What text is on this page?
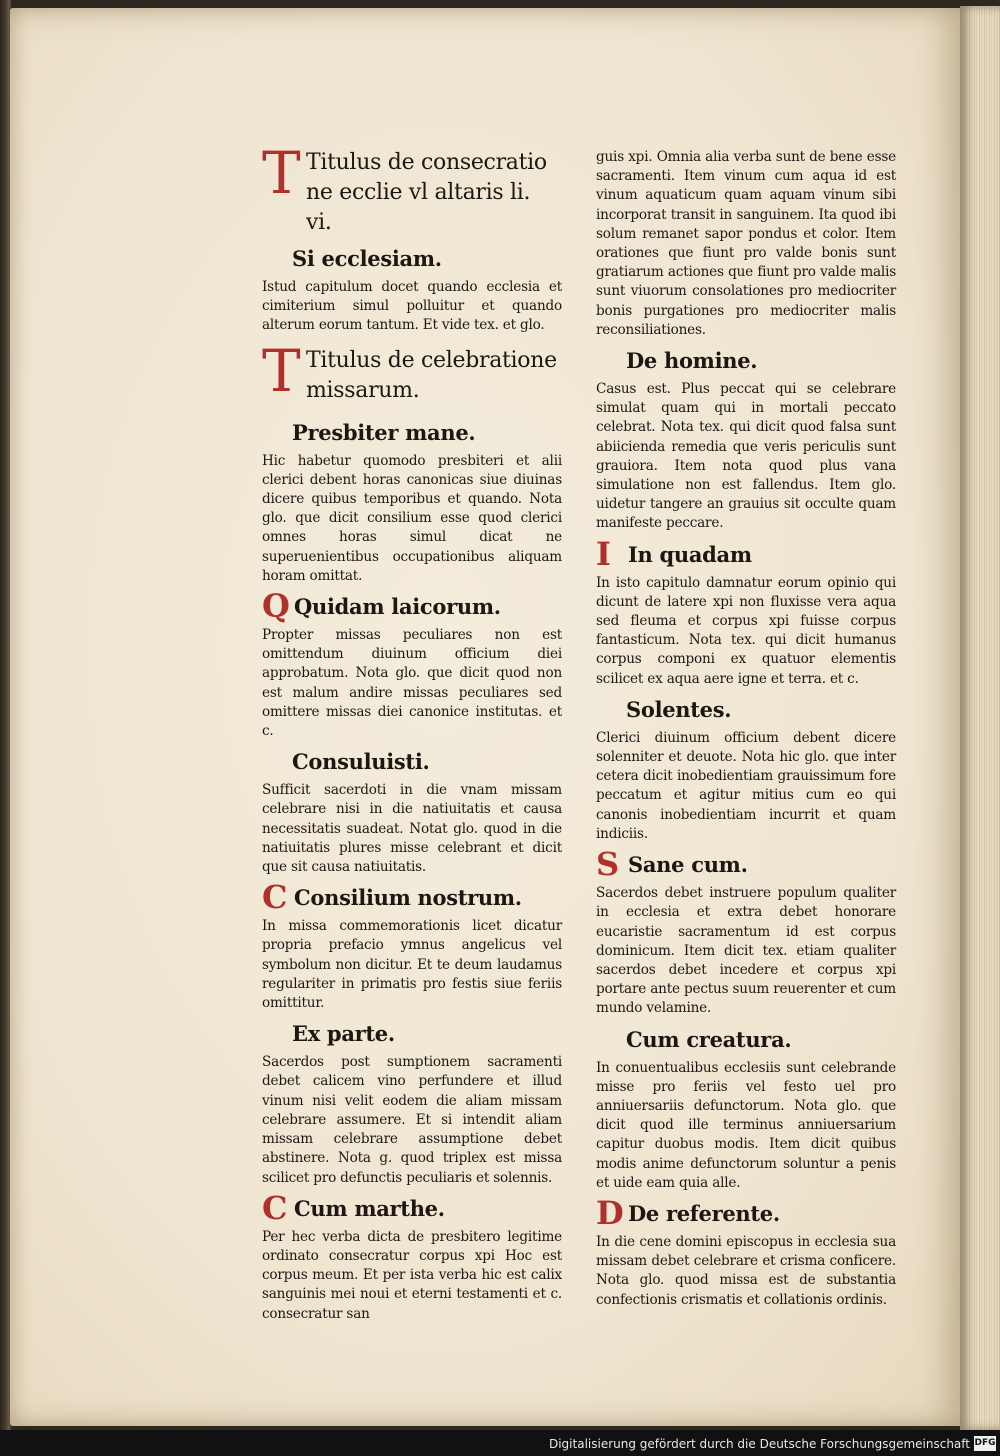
T Titulus de consecratio ne ecclie vl altaris li. vi.
Si ecclesiam.

Istud capitulum docet quando ecclesia et cimiterium simul polluitur et quando alterum eorum tantum. Et vide tex. et glo.

T Titulus de celebratione missarum.
Presbiter mane.

Hic habetur quomodo presbiteri et alii clerici debent horas canonicas siue diuinas dicere quibus temporibus et quando. Nota glo. que dicit consilium esse quod clerici omnes horas simul dicat ne superuenientibus occupationibus aliquam horam omittat.

Q Quidam laicorum.

Propter missas peculiares non est omittendum diuinum officium diei approbatum. Nota glo. que dicit quod non est malum andire missas peculiares sed omittere missas diei canonice institutas. et c.

Consuluisti.

Sufficit sacerdoti in die vnam missam celebrare nisi in die natiuitatis et causa necessitatis suadeat. Notat glo. quod in die natiuitatis plures misse celebrant et dicit que sit causa natiuitatis.

C Consilium nostrum.

In missa commemorationis licet dicatur propria prefacio ymnus angelicus vel symbolum non dicitur. Et te deum laudamus regulariter in primatis pro festis siue feriis omittitur.

Ex parte.

Sacerdos post sumptionem sacramenti debet calicem vino perfundere et illud vinum nisi velit eodem die aliam missam celebrare assumere. Et si intendit aliam missam celebrare assumptione debet abstinere. Nota g. quod triplex est missa scilicet pro defunctis peculiaris et solennis.

C Cum marthe.

Per hec verba dicta de presbitero legitime ordinato consecratur corpus xpi Hoc est corpus meum. Et per ista verba hic est calix sanguinis mei noui et eterni testamenti et c. consecratur san

guis xpi. Omnia alia verba sunt de bene esse sacramenti. Item vinum cum aqua id est vinum aquaticum quam aquam vinum sibi incorporat transit in sanguinem. Ita quod ibi solum remanet sapor pondus et color. Item orationes que fiunt pro valde bonis sunt gratiarum actiones que fiunt pro valde malis sunt viuorum consolationes pro mediocriter bonis purgationes pro mediocriter malis reconsiliationes.

De homine.

Casus est. Plus peccat qui se celebrare simulat quam qui in mortali peccato celebrat. Nota tex. qui dicit quod falsa sunt abiicienda remedia que veris periculis sunt grauiora. Item nota quod plus vana simulatione non est fallendus. Item glo. uidetur tangere an grauius sit occulte quam manifeste peccare.

I In quadam

In isto capitulo damnatur eorum opinio qui dicunt de latere xpi non fluxisse vera aqua sed fleuma et corpus xpi fuisse corpus fantasticum. Nota tex. qui dicit humanus corpus componi ex quatuor elementis scilicet ex aqua aere igne et terra. et c.

Solentes.

Clerici diuinum officium debent dicere solenniter et deuote. Nota hic glo. que inter cetera dicit inobedientiam grauissimum fore peccatum et agitur mitius cum eo qui canonis inobedientiam incurrit et quam indiciis.

S Sane cum.

Sacerdos debet instruere populum qualiter in ecclesia et extra debet honorare eucaristie sacramentum id est corpus dominicum. Item dicit tex. etiam qualiter sacerdos debet incedere et corpus xpi portare ante pectus suum reuerenter et cum mundo velamine.

Cum creatura.

In conuentualibus ecclesiis sunt celebrande misse pro feriis vel festo uel pro anniuersariis defunctorum. Nota glo. que dicit quod ille terminus anniuersarium capitur duobus modis. Item dicit quibus modis anime defunctorum soluntur a penis et uide eam quia alle.

D De referente.

In die cene domini episcopus in ecclesia sua missam debet celebrare et crisma conficere. Nota glo. quod missa est de substantia confectionis crismatis et collationis ordinis.

Digitalisierung gefördert durch die Deutsche Forschungsgemeinschaft DFG
